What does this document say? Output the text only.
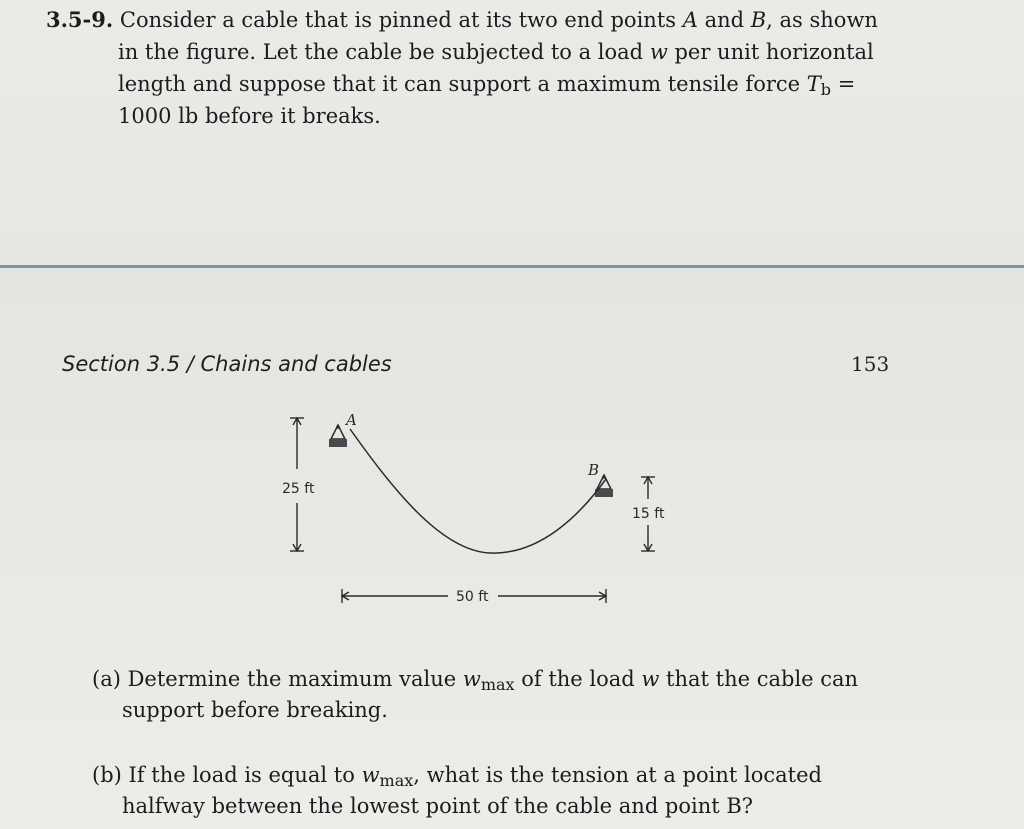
3.5-9. Consider a cable that is pinned at its two end points A and B, as shown
in the figure. Let the cable be subjected to a load w per unit horizontal
length and suppose that it can support a maximum tensile force $T_b$ =
1000 lb before it breaks.
Section 3.5 / Chains and cables	153
25 ft
A
B
15 ft
50 ft
(a) Determine the maximum value $w_{max}$ of the load w that the cable can
support before breaking.
(b) If the load is equal to $w_{max}$, what is the tension at a point located
halfway between the lowest point of the cable and point B?
